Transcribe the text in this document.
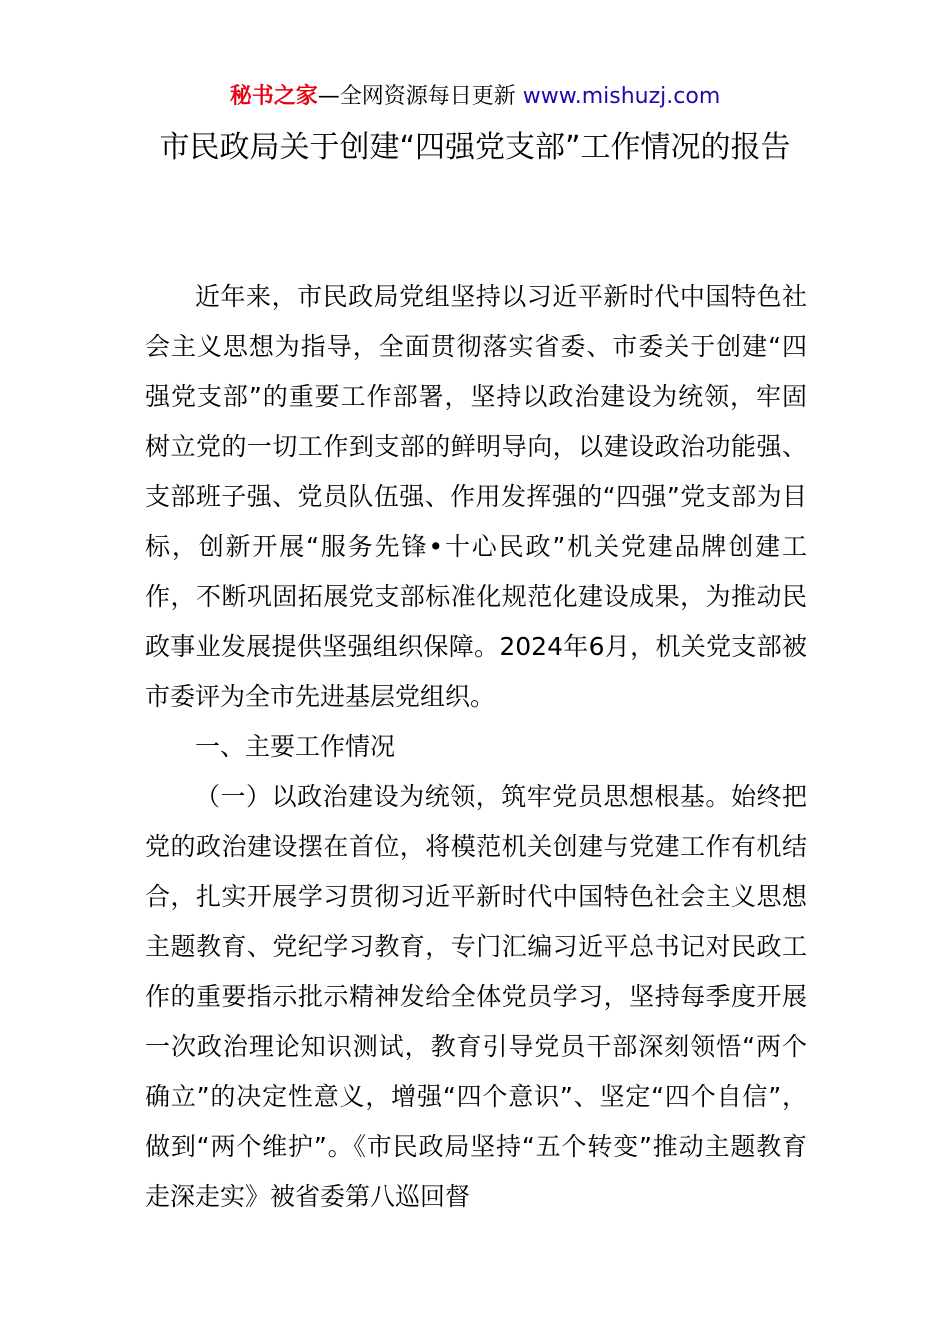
秘书之家—全网资源每日更新 www.mishuzj.com
市民政局关于创建“四强党支部”工作情况的报告

近年来，市民政局党组坚持以习近平新时代中国特色社会主义思想为指导，全面贯彻落实省委、市委关于创建“四强党支部”的重要工作部署，坚持以政治建设为统领，牢固树立党的一切工作到支部的鲜明导向，以建设政治功能强、支部班子强、党员队伍强、作用发挥强的“四强”党支部为目标，创新开展“服务先锋•十心民政”机关党建品牌创建工作，不断巩固拓展党支部标准化规范化建设成果，为推动民政事业发展提供坚强组织保障。2024年6月，机关党支部被市委评为全市先进基层党组织。

一、主要工作情况

（一）以政治建设为统领，筑牢党员思想根基。始终把党的政治建设摆在首位，将模范机关创建与党建工作有机结合，扎实开展学习贯彻习近平新时代中国特色社会主义思想主题教育、党纪学习教育，专门汇编习近平总书记对民政工作的重要指示批示精神发给全体党员学习，坚持每季度开展一次政治理论知识测试，教育引导党员干部深刻领悟“两个确立”的决定性意义，增强“四个意识”、坚定“四个自信”，做到“两个维护”。《市民政局坚持“五个转变”推动主题教育走深走实》被省委第八巡回督
